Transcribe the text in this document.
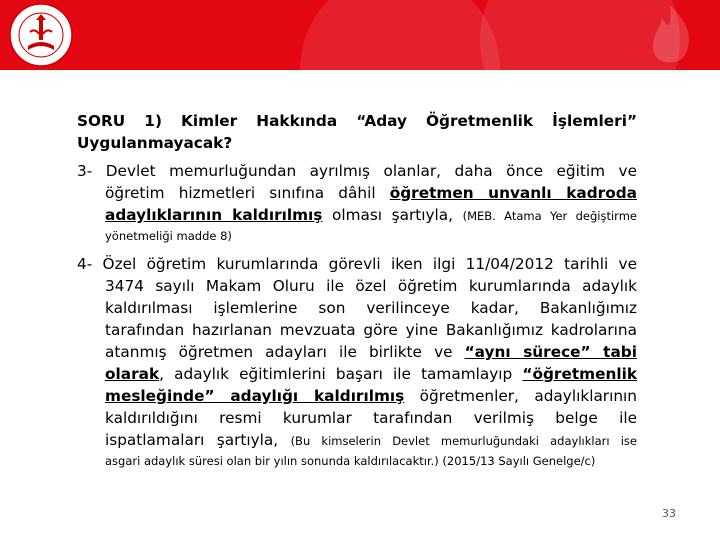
SORU 1) Kimler Hakkında “Aday Öğretmenlik İşlemleri”

Uygulanmayacak?

3- Devlet memurluğundan ayrılmış olanlar, daha önce eğitim ve
öğretim hizmetleri sınıfına dâhil öğretmen unvanlı kadroda
adaylıklarının kaldırılmış olması şartıyla, (MEB. Atama Yer değiştirme
yönetmeliği madde 8)
4- Özel öğretim kurumlarında görevli iken ilgi 11/04/2012 tarihli ve
3474 sayılı Makam Oluru ile özel öğretim kurumlarında adaylık
kaldırılması işlemlerine son verilinceye kadar, Bakanlığımız
tarafından hazırlanan mevzuata göre yine Bakanlığımız kadrolarına
atanmış öğretmen adayları ile birlikte ve “aynı sürece” tabi
olarak, adaylık eğitimlerini başarı ile tamamlayıp “öğretmenlik
mesleğinde” adaylığı kaldırılmış öğretmenler, adaylıklarının
kaldırıldığını resmi kurumlar tarafından verilmiş belge ile
ispatlamaları şartıyla, (Bu kimselerin Devlet memurluğundaki adaylıkları ise
asgari adaylık süresi olan bir yılın sonunda kaldırılacaktır.) (2015/13 Sayılı Genelge/c)
33
